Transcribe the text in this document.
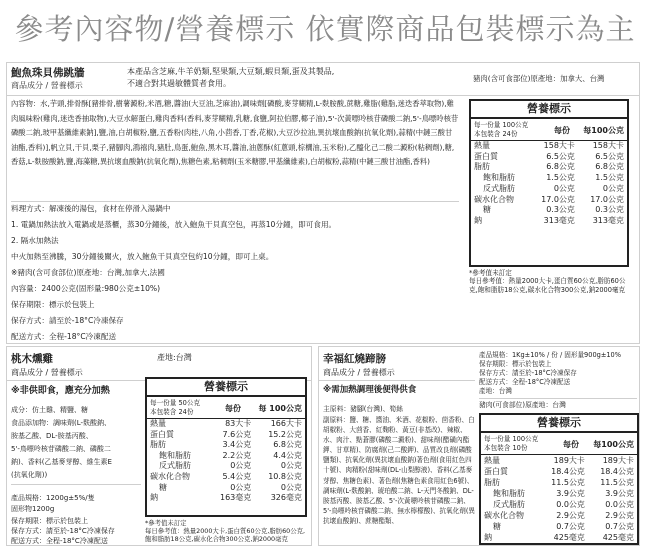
參考內容物/營養標示 依實際商品包裝標示為主
鮑魚珠貝佛跳牆
商品成分 / 營養標示
本產品含芝麻,牛羊奶類,堅果類,大豆類,蝦貝類,蛋及其製品,
不適合對其過敏體質者食用。
豬肉(含可食部位)原產地：加拿大、台灣
內容物：水,芋頭,排骨酥[豬排骨,樹薯澱粉,米酒,糖,醬油(大豆油,芝麻油),調味劑[磷酸,麥芽糊精,L-麩胺酸,蔗糖,雞脂(雞脂,迷迭香萃取物),雞肉風味粉(雞肉,迷迭香抽取物),大豆水解蛋白,雞肉香料(香料,麥芽糊精,乳糖,食鹽,阿拉伯膠,椰子油),5'-次黃嘌呤核苷磷酸二鈉,5'-鳥嘌呤核苷磷酸二鈉,玻甲基纖維素鈉],鹽,油,白胡椒粉,鹽,五香粉(肉桂,八角,小茴香,丁香,花椒),大豆沙拉油,異抗壞血酸鈉(抗氧化劑),蒜精(中鏈三酸甘油酯,香料)],帆立貝,干貝,栗子,豬腳肉,鴻禧肉,豬肚,鳥蛋,鮑魚,黑木耳,醬油,油蔥酥(紅蔥頭,棕櫚油,玉米粉),乙醯化己二酸二澱粉(粘稠劑),糖,香菇,L-麩胺酸鈉,鹽,海藻糖,異抗壞血酸鈉(抗氧化劑),焦糖色素,粘稠劑(玉米糖膠,甲基纖維素),白胡椒粉,蒜精(中鏈三酸甘油酯,香料)
料理方式：解凍後的湯包，食材在停滑入湯鍋中
1. 電鍋加熱法放入電鍋或是蒸櫃，蒸30分鐘後，放入鮑魚干貝真空包，再蒸10分鐘，即可食用。
2. 隔水加熱法
中火加熱至沸騰，30分鐘後關火，放入鮑魚干貝真空包約10分鐘，即可上桌。
※豬肉(含可食部位)原產地：台灣,加拿大,法國
內容量：2400公克(固形量:980公克±10%)
保存期限：標示於包裝上
保存方式：請至於-18°C冷凍保存
配送方式：全程-18°C冷凍配送
營養標示
每一份量 100公克
本包裝含 24份	每份 每100公克
熱量	158大卡	158大卡
蛋白質	6.5公克	6.5公克
脂肪	6.8公克	6.8公克
飽和脂肪	1.5公克	1.5公克
反式脂肪	0公克	0公克
碳水化合物	17.0公克	17.0公克
糖	0.3公克	0.3公克
鈉	313毫克	313毫克
*參考值未訂定
每日參考值：熱量2000大卡,蛋白質60公克,脂肪60公克,飽和脂肪18公克,碳水化合物300公克,鈉2000毫克
桃木燻雞
商品成分 / 營養標示
產地:台灣
※非供即食，應充分加熱
成分：仿土雞、精鹽、糖
食品添加物：調味劑(L-麩酸鈉、
胺基乙酸、DL-胺基丙酸、
5'-鳥嘌呤核苷磷酸二鈉、磷酸二
鈉)、香料(乙基麥芽醇、維生素E
(抗氧化劑))
產品規格：1200g±5%/隻
固形物1200g
保存期限：標示於包裝上
保存方式：請至於-18°C冷凍保存
配送方式：全程-18°C冷凍配送
營養標示
每一份量 50公克
本包裝含 24份	每份 每 100公克
熱量	83大卡	166大卡
蛋白質	7.6公克	15.2公克
脂肪	3.4公克	6.8公克
飽和脂肪	2.2公克	4.4公克
反式脂肪	0公克	0公克
碳水化合物	5.4公克	10.8公克
糖	0公克	0公克
鈉	163毫克	326毫克
*參考值未訂定
每日參考值：熱量2000大卡,蛋白質60公克,脂肪60公克,飽和脂肪18公克,碳水化合物300公克,鈉2000毫克
幸福紅燒蹄膀
商品成分 / 營養標示
※需加熱調理後便得供食
主原料：豬腳(台灣)、筍絲
副原料：鹽、糖、醬油、米酒、花椒粉、茴香粉、白胡椒粉、大茴香、紅麴粉、黃豆(非基改)、辣椒、水、肉汁、點蒼膠(磷酸二澱粉)、甜味劑(醋磺內酯鉀、甘草精)、防腐劑(己二酸鉀)、品質改良劑(磷酸鹽類)、抗氧化劑(異抗壞血酸鈉)著色劑(食用紅色四十號)、肉精粉(甜味劑(DL-山梨醇液)、香料(乙基麥芽醇、焦糖色素)、著色劑(焦糖色素食用紅色6號)、調味劑(L-麩酸鈉、琥珀酸二鈉、L-天門冬酸鈉、DL-胺基丙酸、胺基乙酸、5'-次黃嘌呤核苷磷酸二鈉、5'-鳥嘌呤核苷磷酸二鈉、無水檸檬酸)、抗氧化劑(異抗壞血酸鈉)、蔗糖酯類、
產品規格：1Kg±10% / 份 / 固形量900g±10%
保存期限：標示於包裝上
保存方式：請至於-18°C冷凍保存
配送方式：全程-18°C冷凍配送
產地：台灣
豬肉(可食部位)原產地：台灣
營養標示
每一份量 100公克
本包裝含 10份	每份 每100公克
熱量	189大卡	189大卡
蛋白質	18.4公克	18.4公克
脂肪	11.5公克	11.5公克
飽和脂肪	3.9公克	3.9公克
反式脂肪	0.0公克	0.0公克
碳水化合物	2.9公克	2.9公克
糖	0.7公克	0.7公克
鈉	425毫克	425毫克
